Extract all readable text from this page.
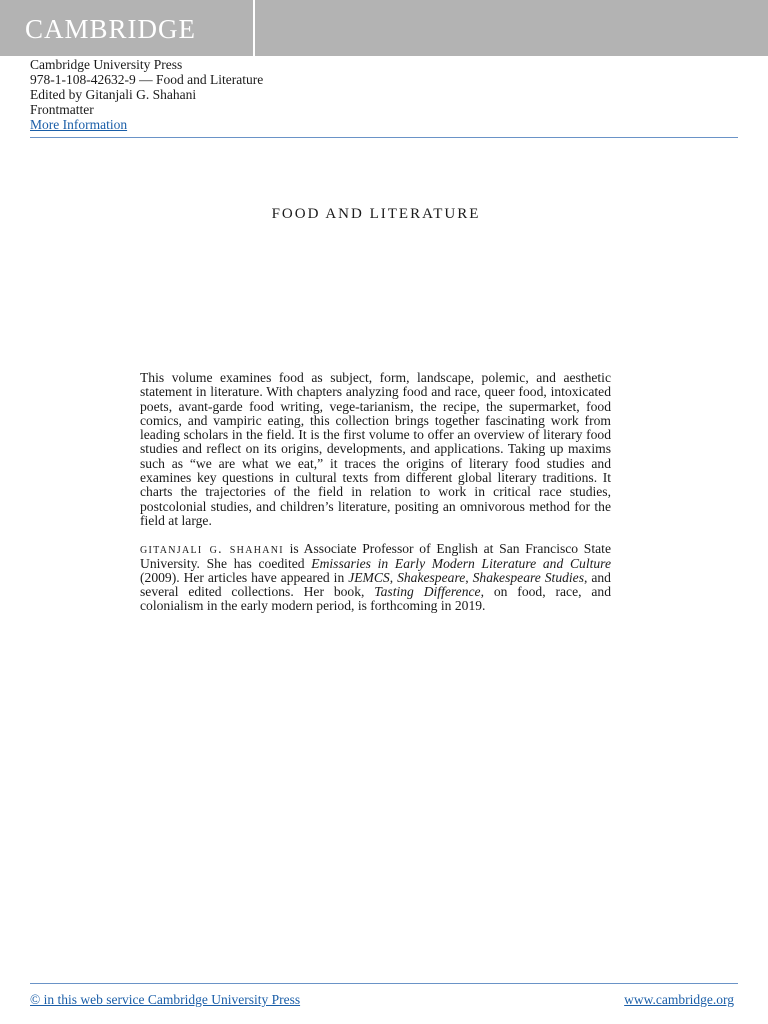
CAMBRIDGE
Cambridge University Press
978-1-108-42632-9 — Food and Literature
Edited by Gitanjali G. Shahani
Frontmatter
More Information
FOOD AND LITERATURE

This volume examines food as subject, form, landscape, polemic, and aesthetic statement in literature. With chapters analyzing food and race, queer food, intoxicated poets, avant-garde food writing, vege-tarianism, the recipe, the supermarket, food comics, and vampiric eating, this collection brings together fascinating work from leading scholars in the field. It is the first volume to offer an overview of literary food studies and reflect on its origins, developments, and applications. Taking up maxims such as “we are what we eat,” it traces the origins of literary food studies and examines key questions in cultural texts from different global literary traditions. It charts the trajectories of the field in relation to work in critical race studies, postcolonial studies, and children’s literature, positing an omnivorous method for the field at large.

gitanjali g. shahani is Associate Professor of English at San Francisco State University. She has coedited Emissaries in Early Modern Literature and Culture (2009). Her articles have appeared in JEMCS, Shakespeare, Shakespeare Studies, and several edited collections. Her book, Tasting Difference, on food, race, and colonialism in the early modern period, is forthcoming in 2019.

© in this web service Cambridge University Press	www.cambridge.org
